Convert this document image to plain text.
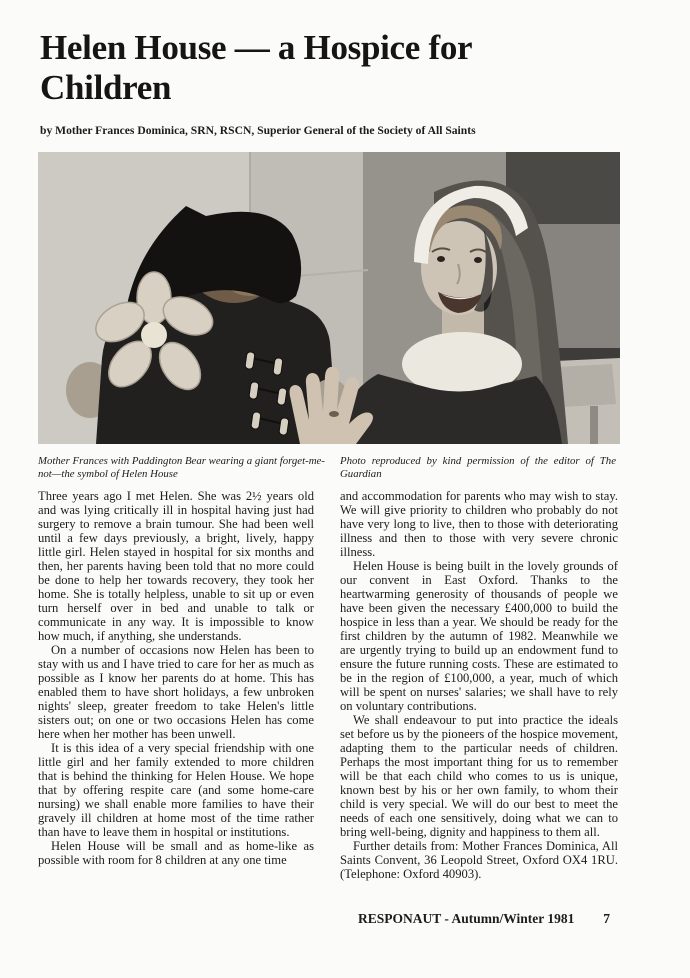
Helen House — a Hospice for Children
by Mother Frances Dominica, SRN, RSCN, Superior General of the Society of All Saints
Mother Frances with Paddington Bear wearing a giant forget-me-not—the symbol of Helen House
Photo reproduced by kind permission of the editor of The Guardian

Three years ago I met Helen. She was 2½ years old and was lying critically ill in hospital having just had surgery to remove a brain tumour. She had been well until a few days previously, a bright, lively, happy little girl. Helen stayed in hospital for six months and then, her parents having been told that no more could be done to help her towards recovery, they took her home. She is totally helpless, unable to sit up or even turn herself over in bed and unable to talk or communicate in any way. It is impossible to know how much, if anything, she understands.

On a number of occasions now Helen has been to stay with us and I have tried to care for her as much as possible as I know her parents do at home. This has enabled them to have short holidays, a few unbroken nights' sleep, greater freedom to take Helen's little sisters out; on one or two occasions Helen has come here when her mother has been unwell.

It is this idea of a very special friendship with one little girl and her family extended to more children that is behind the thinking for Helen House. We hope that by offering respite care (and some home-care nursing) we shall enable more families to have their gravely ill children at home most of the time rather than have to leave them in hospital or institutions.

Helen House will be small and as home-like as possible with room for 8 children at any one time

and accommodation for parents who may wish to stay. We will give priority to children who probably do not have very long to live, then to those with deteriorating illness and then to those with very severe chronic illness.

Helen House is being built in the lovely grounds of our convent in East Oxford. Thanks to the heartwarming generosity of thousands of people we have been given the necessary £400,000 to build the hospice in less than a year. We should be ready for the first children by the autumn of 1982. Meanwhile we are urgently trying to build up an endowment fund to ensure the future running costs. These are estimated to be in the region of £100,000, a year, much of which will be spent on nurses' salaries; we shall have to rely on voluntary contributions.

We shall endeavour to put into practice the ideals set before us by the pioneers of the hospice movement, adapting them to the particular needs of children. Perhaps the most important thing for us to remember will be that each child who comes to us is unique, known best by his or her own family, to whom their child is very special. We will do our best to meet the needs of each one sensitively, doing what we can to bring well-being, dignity and happiness to them all.

Further details from: Mother Frances Dominica, All Saints Convent, 36 Leopold Street, Oxford OX4 1RU. (Telephone: Oxford 40903).

RESPONAUT - Autumn/Winter 1981 7
